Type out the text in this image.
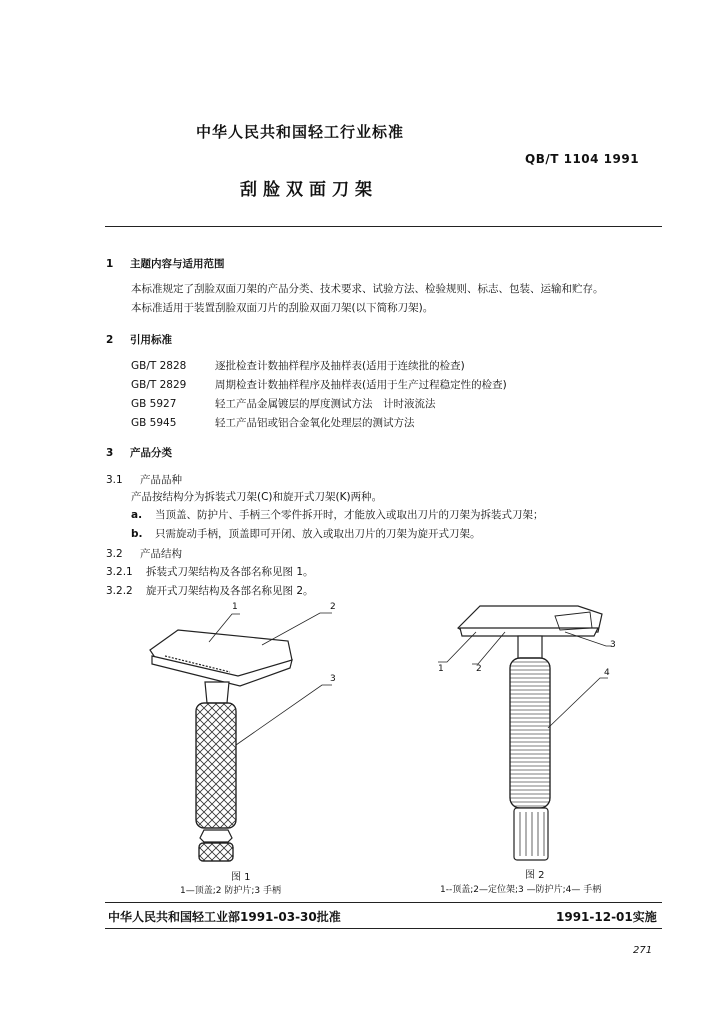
中华人民共和国轻工行业标准
QB/T 1104 1991
刮脸双面刀架
1 主题内容与适用范围
本标准规定了刮脸双面刀架的产品分类、技术要求、试验方法、检验规则、标志、包装、运输和贮存。
本标准适用于装置刮脸双面刀片的刮脸双面刀架(以下简称刀架)。
2 引用标准
GB/T 2828	逐批检查计数抽样程序及抽样表(适用于连续批的检查)
GB/T 2829	周期检查计数抽样程序及抽样表(适用于生产过程稳定性的检查)
GB 5927	轻工产品金属镀层的厚度测试方法　计时液流法
GB 5945	轻工产品铝或铝合金氧化处理层的测试方法
3 产品分类
3.1 产品品种
产品按结构分为拆装式刀架(C)和旋开式刀架(K)两种。
a. 当顶盖、防护片、手柄三个零件拆开时，才能放入或取出刀片的刀架为拆装式刀架；
b. 只需旋动手柄，顶盖即可开闭、放入或取出刀片的刀架为旋开式刀架。
3.2 产品结构
3.2.1 拆装式刀架结构及各部名称见图 1。
3.2.2 旋开式刀架结构及各部名称见图 2。
1	2
3
1	2
3
4
图 1
1—顶盖;2 防护片;3 手柄
图 2
1--顶盖;2—定位架;3 —防护片;4— 手柄
中华人民共和国轻工业部1991-03-30批准	1991-12-01实施
271
